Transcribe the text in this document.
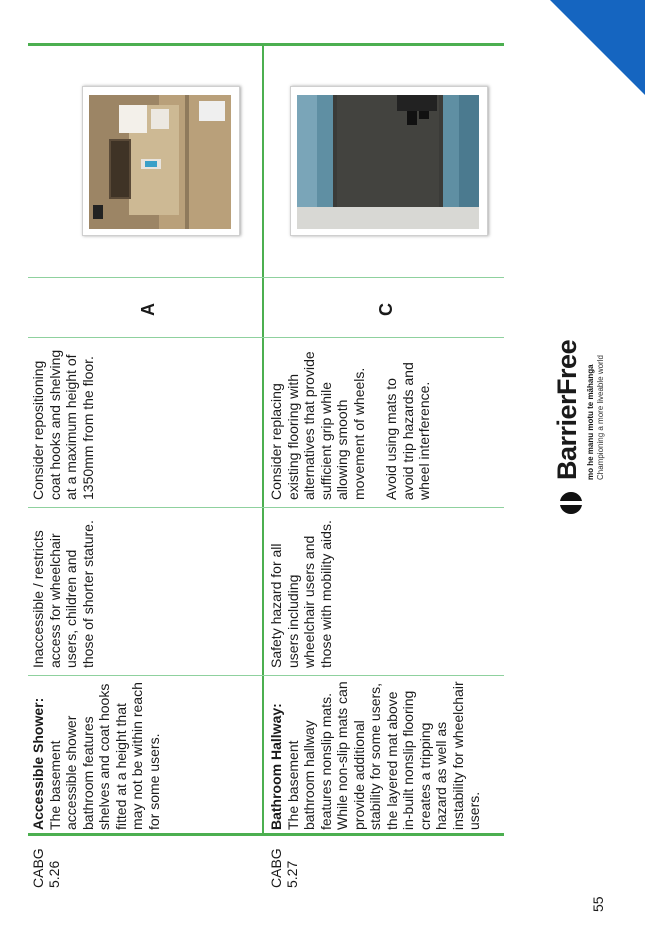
CABG
5.26
Accessible Shower:
The basement accessible shower bathroom features shelves and coat hooks fitted at a height that may not be within reach for some users.
Inaccessible / restricts access for wheelchair users, children and those of shorter stature.
Consider repositioning coat hooks and shelving at a maximum height of 1350mm from the floor.
A
CABG
5.27
Bathroom Hallway:
The basement bathroom hallway features nonslip mats. While non-slip mats can provide additional stability for some users, the layered mat above in-built nonslip flooring creates a tripping hazard as well as instability for wheelchair users.
Safety hazard for all users including wheelchair users and those with mobility aids.
Consider replacing existing flooring with alternatives that provide sufficient grip while allowing smooth movement of wheels. Avoid using mats to avoid trip hazards and wheel interference.
C
BarrierFree mo he manu motu te māhanga Championing a more liveable world
55
